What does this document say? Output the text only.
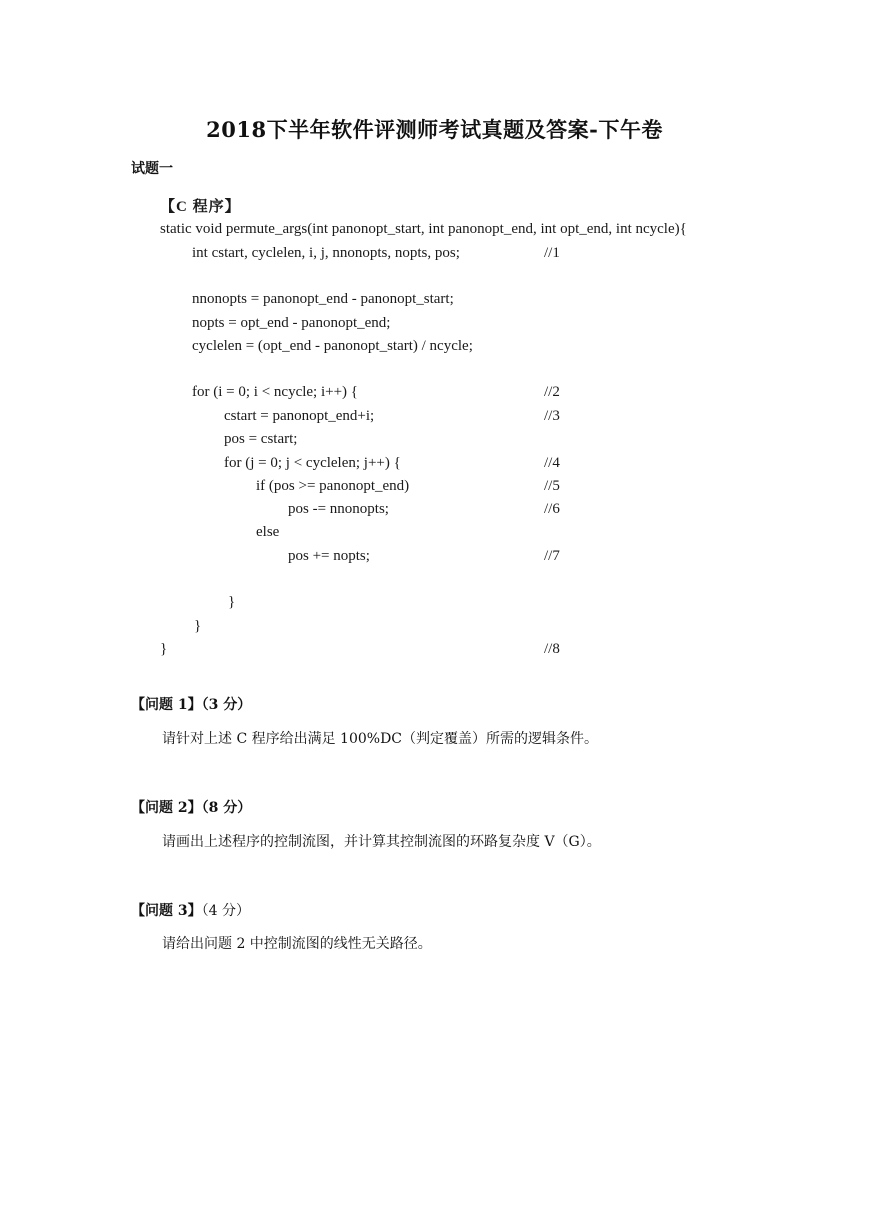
2018下半年软件评测师考试真题及答案-下午卷
试题一
【C 程序】
static void permute_args(int panonopt_start, int panonopt_end, int opt_end, int ncycle){
int cstart, cyclelen, i, j, nnonopts, nopts, pos;	//1
nnonopts = panonopt_end - panonopt_start;
nopts = opt_end - panonopt_end;
cyclelen = (opt_end - panonopt_start) / ncycle;
for (i = 0; i < ncycle; i++) {	//2
cstart = panonopt_end+i;	//3
pos = cstart;
for (j = 0; j < cyclelen; j++) {	//4
if (pos >= panonopt_end)	//5
pos -= nnonopts;	//6
else
pos += nopts;	//7
}
}
}	//8
【问题 1】（3 分）
请针对上述 C 程序给出满足 100%DC（判定覆盖）所需的逻辑条件。
【问题 2】（8 分）
请画出上述程序的控制流图，并计算其控制流图的环路复杂度 V（G）。
【问题 3】（4 分）
请给出问题 2 中控制流图的线性无关路径。
